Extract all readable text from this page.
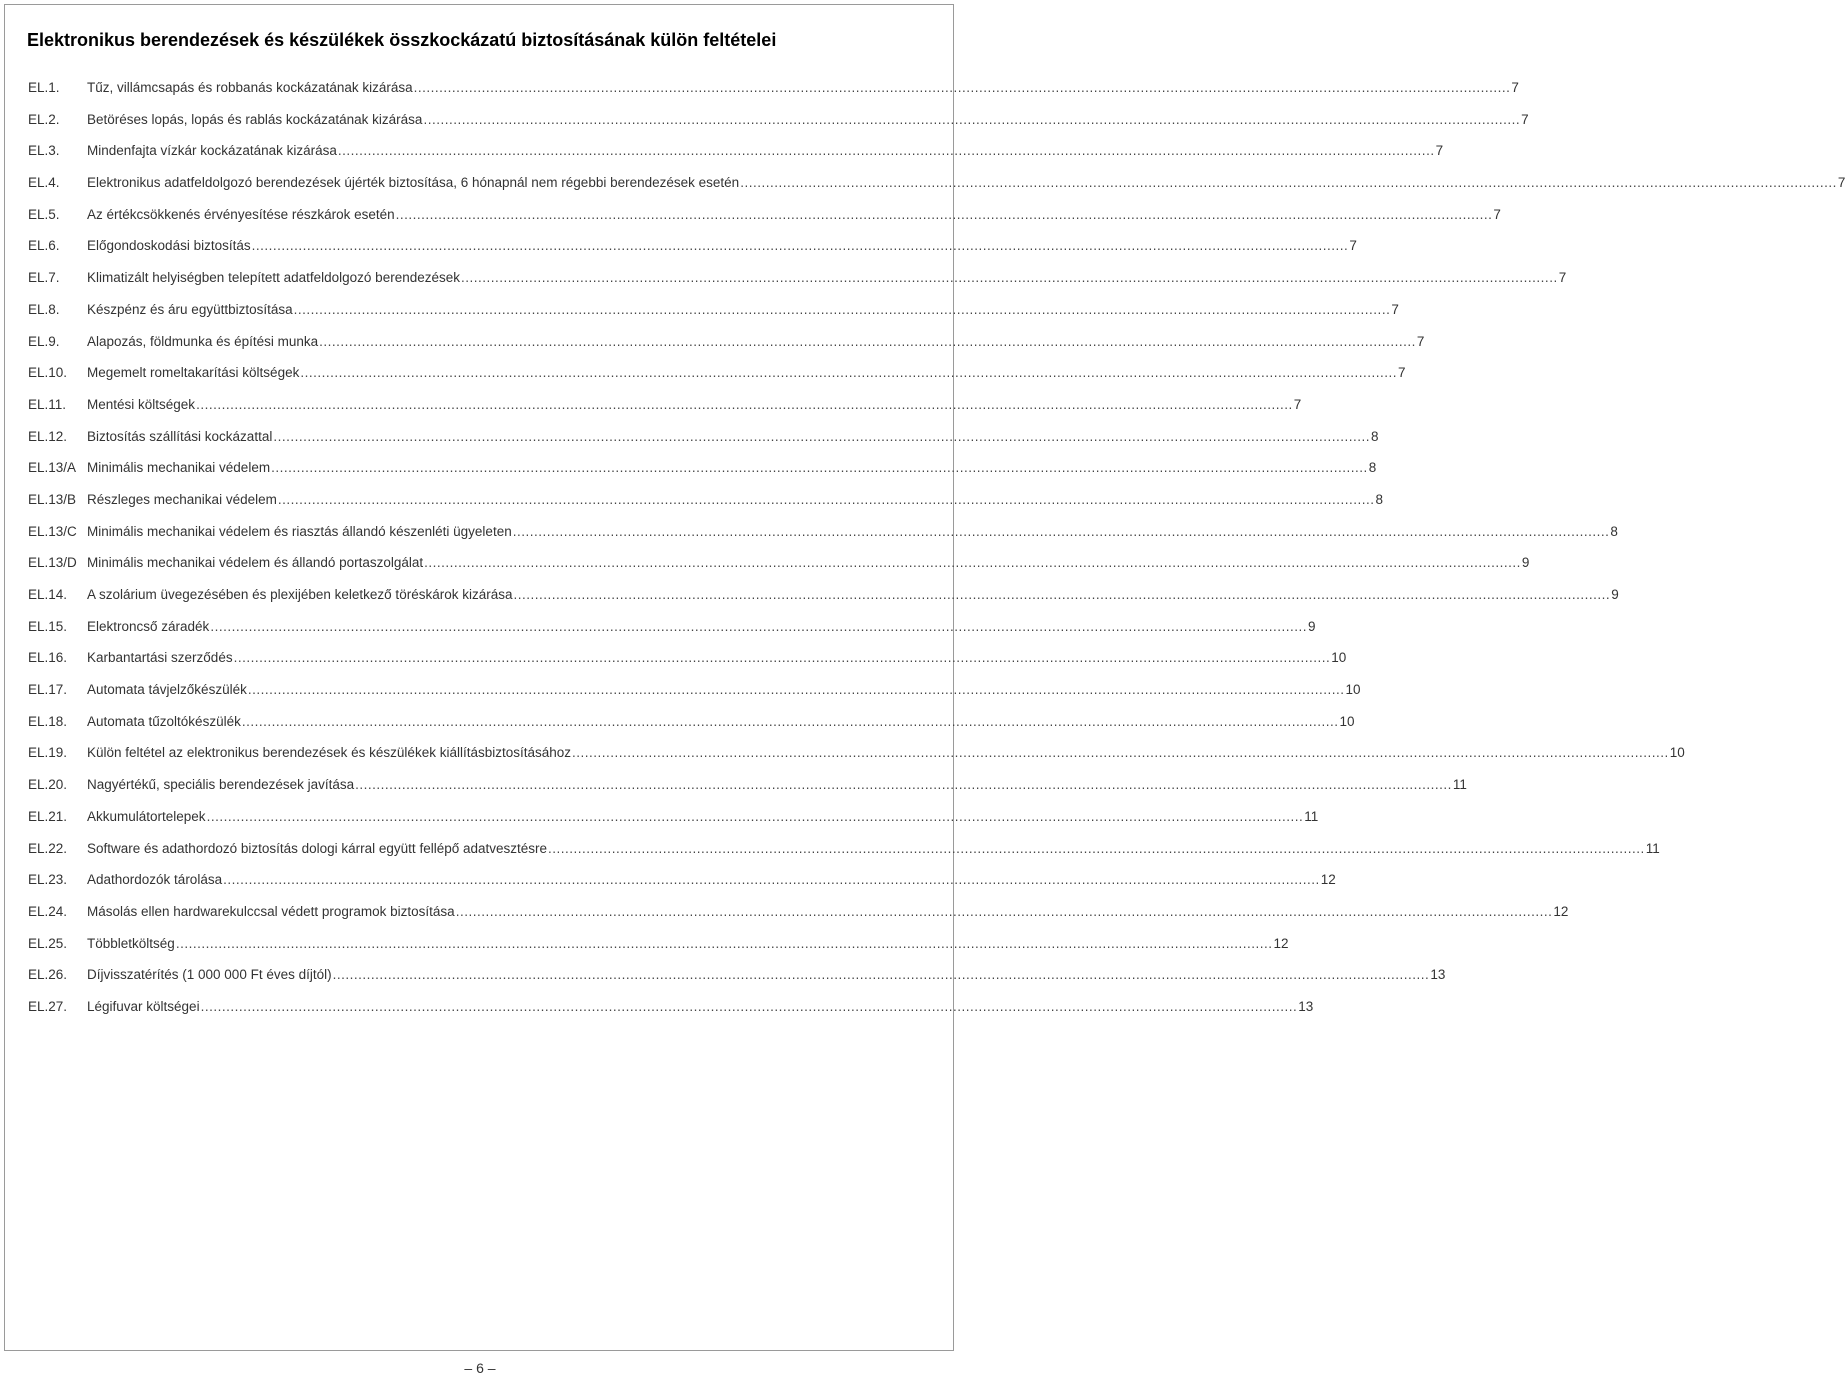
Elektronikus berendezések és készülékek összkockázatú biztosításának külön feltételei
EL.1.	Tűz, villámcsapás és robbanás kockázatának kizárása .....	7
EL.2.	Betöréses lopás, lopás és rablás kockázatának kizárása .....	7
EL.3.	Mindenfajta vízkár kockázatának kizárása .....	7
EL.4.	Elektronikus adatfeldolgozó berendezések újérték biztosítása, 6 hónapnál nem régebbi berendezések esetén .....	7
EL.5.	Az értékcsökkenés érvényesítése részkárok esetén .....	7
EL.6.	Előgondoskodási biztosítás .....	7
EL.7.	Klimatizált helyiségben telepített adatfeldolgozó berendezések .....	7
EL.8.	Készpénz és áru együttbiztosítása .....	7
EL.9.	Alapozás, földmunka és építési munka .....	7
EL.10.	Megemelt romeltakarítási költségek .....	7
EL.11.	Mentési költségek .....	7
EL.12.	Biztosítás szállítási kockázattal .....	8
EL.13/A Minimális mechanikai védelem .....	8
EL.13/B Részleges mechanikai védelem .....	8
EL.13/C Minimális mechanikai védelem és riasztás állandó készenléti ügyeleten .....	8
EL.13/D Minimális mechanikai védelem és állandó portaszolgálat .....	9
EL.14.	A szolárium üvegezésében és plexijében keletkező töréskárok kizárása .....	9
EL.15.	Elektroncső záradék .....	9
EL.16.	Karbantartási szerződés .....	10
EL.17.	Automata távjelzőkészülék .....	10
EL.18.	Automata tűzoltókészülék .....	10
EL.19.	Külön feltétel az elektronikus berendezések és készülékek kiállításbiztosításához .....	10
EL.20.	Nagyértékű, speciális berendezések javítása .....	11
EL.21.	Akkumulátortelepek .....	11
EL.22.	Software és adathordozó biztosítás dologi kárral együtt fellépő adatvesztésre .....	11
EL.23.	Adathordozók tárolása .....	12
EL.24.	Másolás ellen hardwarekulccsal védett programok biztosítása .....	12
EL.25.	Többletköltség .....	12
EL.26.	Díjvisszatérítés (1 000 000 Ft éves díjtól) .....	13
EL.27.	Légifuvar költségei .....	13
– 6 –
